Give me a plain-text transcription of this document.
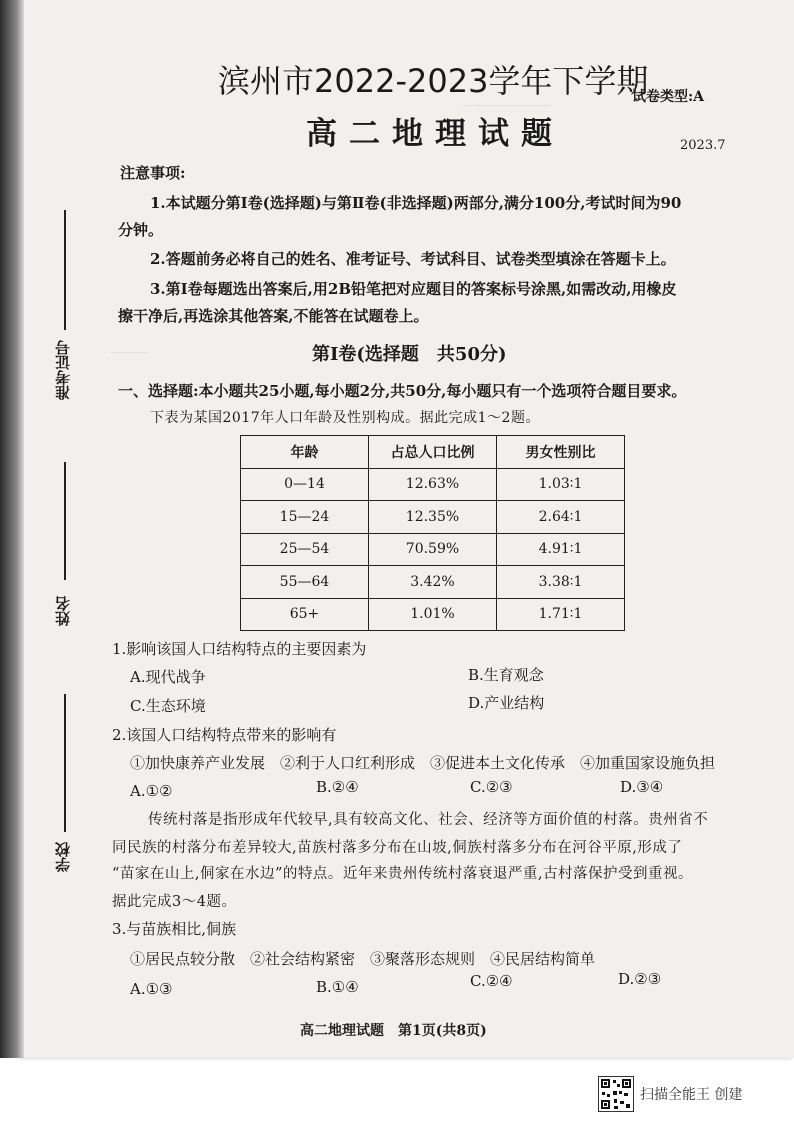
———————
———
滨州市2022-2023学年下学期
试卷类型:A
高二地理试题	2023.7
注意事项:
1.本试题分第Ⅰ卷(选择题)与第Ⅱ卷(非选择题)两部分,满分100分,考试时间为90
分钟。
2.答题前务必将自己的姓名、准考证号、考试科目、试卷类型填涂在答题卡上。
3.第Ⅰ卷每题选出答案后,用2B铅笔把对应题目的答案标号涂黑,如需改动,用橡皮
擦干净后,再选涂其他答案,不能答在试题卷上。
准考证号
姓名
学校
第Ⅰ卷(选择题　共50分)
一、选择题:本小题共25小题,每小题2分,共50分,每小题只有一个选项符合题目要求。
下表为某国2017年人口年龄及性别构成。据此完成1～2题。
年龄	占总人口比例	男女性别比
0—14	12.63%	1.03∶1
15—24	12.35%	2.64∶1
25—54	70.59%	4.91∶1
55—64	3.42%	3.38∶1
65+	1.01%	1.71∶1
1.影响该国人口结构特点的主要因素为
A.现代战争	B.生育观念
C.生态环境	D.产业结构
2.该国人口结构特点带来的影响有
①加快康养产业发展　②利于人口红利形成　③促进本土文化传承　④加重国家设施负担
A.①②	B.②④	C.②③	D.③④
传统村落是指形成年代较早,具有较高文化、社会、经济等方面价值的村落。贵州省不
同民族的村落分布差异较大,苗族村落多分布在山坡,侗族村落多分布在河谷平原,形成了
“苗家在山上,侗家在水边”的特点。近年来贵州传统村落衰退严重,古村落保护受到重视。
据此完成3～4题。
3.与苗族相比,侗族
①居民点较分散　②社会结构紧密　③聚落形态规则　④民居结构简单
A.①③	B.①④	C.②④	D.②③
高二地理试题　第1页(共8页)
扫描全能王 创建
